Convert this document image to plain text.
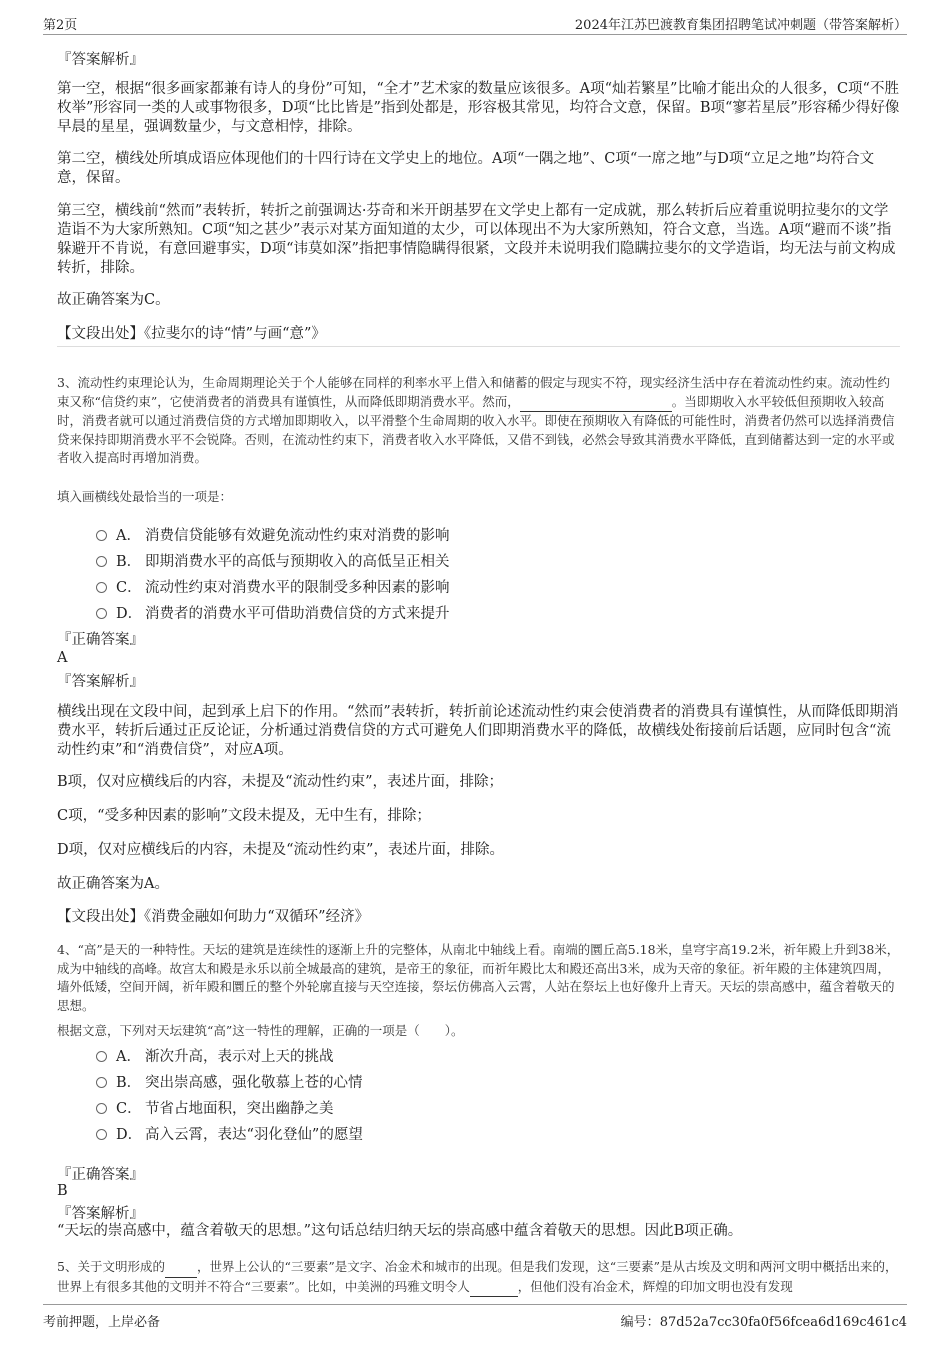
第2页	2024年江苏巴渡教育集团招聘笔试冲刺题（带答案解析）
『答案解析』
第一空，根据“很多画家都兼有诗人的身份”可知，“全才”艺术家的数量应该很多。A项“灿若繁星”比喻才能出众的人很多，C项“不胜枚举”形容同一类的人或事物很多，D项“比比皆是”指到处都是，形容极其常见，均符合文意，保留。B项“寥若星辰”形容稀少得好像早晨的星星，强调数量少，与文意相悖，排除。
第二空，横线处所填成语应体现他们的十四行诗在文学史上的地位。A项“一隅之地”、C项“一席之地”与D项“立足之地”均符合文意，保留。
第三空，横线前“然而”表转折，转折之前强调达·芬奇和米开朗基罗在文学史上都有一定成就，那么转折后应着重说明拉斐尔的文学造诣不为大家所熟知。C项“知之甚少”表示对某方面知道的太少，可以体现出不为大家所熟知，符合文意，当选。A项“避而不谈”指躲避开不肯说，有意回避事实，D项“讳莫如深”指把事情隐瞒得很紧，文段并未说明我们隐瞒拉斐尔的文学造诣，均无法与前文构成转折，排除。
故正确答案为C。
【文段出处】《拉斐尔的诗“情”与画“意”》
3、流动性约束理论认为，生命周期理论关于个人能够在同样的利率水平上借入和储蓄的假定与现实不符，现实经济生活中存在着流动性约束。流动性约束又称“信贷约束”，它使消费者的消费具有谨慎性，从而降低即期消费水平。然而，	。当即期收入水平较低但预期收入较高时，消费者就可以通过消费信贷的方式增加即期收入，以平滑整个生命周期的收入水平。即使在预期收入有降低的可能性时，消费者仍然可以选择消费信贷来保持即期消费水平不会锐降。否则，在流动性约束下，消费者收入水平降低，又借不到钱，必然会导致其消费水平降低，直到储蓄达到一定的水平或者收入提高时再增加消费。
填入画横线处最恰当的一项是：
A． 消费信贷能够有效避免流动性约束对消费的影响
B． 即期消费水平的高低与预期收入的高低呈正相关
C． 流动性约束对消费水平的限制受多种因素的影响
D． 消费者的消费水平可借助消费信贷的方式来提升
『正确答案』
A
『答案解析』
横线出现在文段中间，起到承上启下的作用。“然而”表转折，转折前论述流动性约束会使消费者的消费具有谨慎性，从而降低即期消费水平，转折后通过正反论证，分析通过消费信贷的方式可避免人们即期消费水平的降低，故横线处衔接前后话题，应同时包含“流动性约束”和“消费信贷”，对应A项。
B项，仅对应横线后的内容，未提及“流动性约束”，表述片面，排除；
C项，“受多种因素的影响”文段未提及，无中生有，排除；
D项，仅对应横线后的内容，未提及“流动性约束”，表述片面，排除。
故正确答案为A。
【文段出处】《消费金融如何助力“双循环”经济》
4、“高”是天的一种特性。天坛的建筑是连续性的逐渐上升的完整体，从南北中轴线上看。南端的圜丘高5.18米，皇穹宇高19.2米，祈年殿上升到38米，成为中轴线的高峰。故宫太和殿是永乐以前全城最高的建筑，是帝王的象征，而祈年殿比太和殿还高出3米，成为天帝的象征。祈年殿的主体建筑四周，墙外低矮，空间开阔，祈年殿和圜丘的整个外轮廓直接与天空连接，祭坛仿佛高入云霄，人站在祭坛上也好像升上青天。天坛的崇高感中，蕴含着敬天的思想。
根据文意，下列对天坛建筑“高”这一特性的理解，正确的一项是（　　）。
A． 渐次升高，表示对上天的挑战
B． 突出崇高感，强化敬慕上苍的心情
C． 节省占地面积，突出幽静之美
D． 高入云霄，表达“羽化登仙”的愿望
『正确答案』
B
『答案解析』
“天坛的崇高感中，蕴含着敬天的思想。”这句话总结归纳天坛的崇高感中蕴含着敬天的思想。因此B项正确。
5、关于文明形成的	，世界上公认的“三要素”是文字、冶金术和城市的出现。但是我们发现，这“三要素”是从古埃及文明和两河文明中概括出来的，世界上有很多其他的文明并不符合“三要素”。比如，中美洲的玛雅文明令人	，但他们没有冶金术，辉煌的印加文明也没有发现
考前押题，上岸必备	编号：87d52a7cc30fa0f56fcea6d169c461c4
